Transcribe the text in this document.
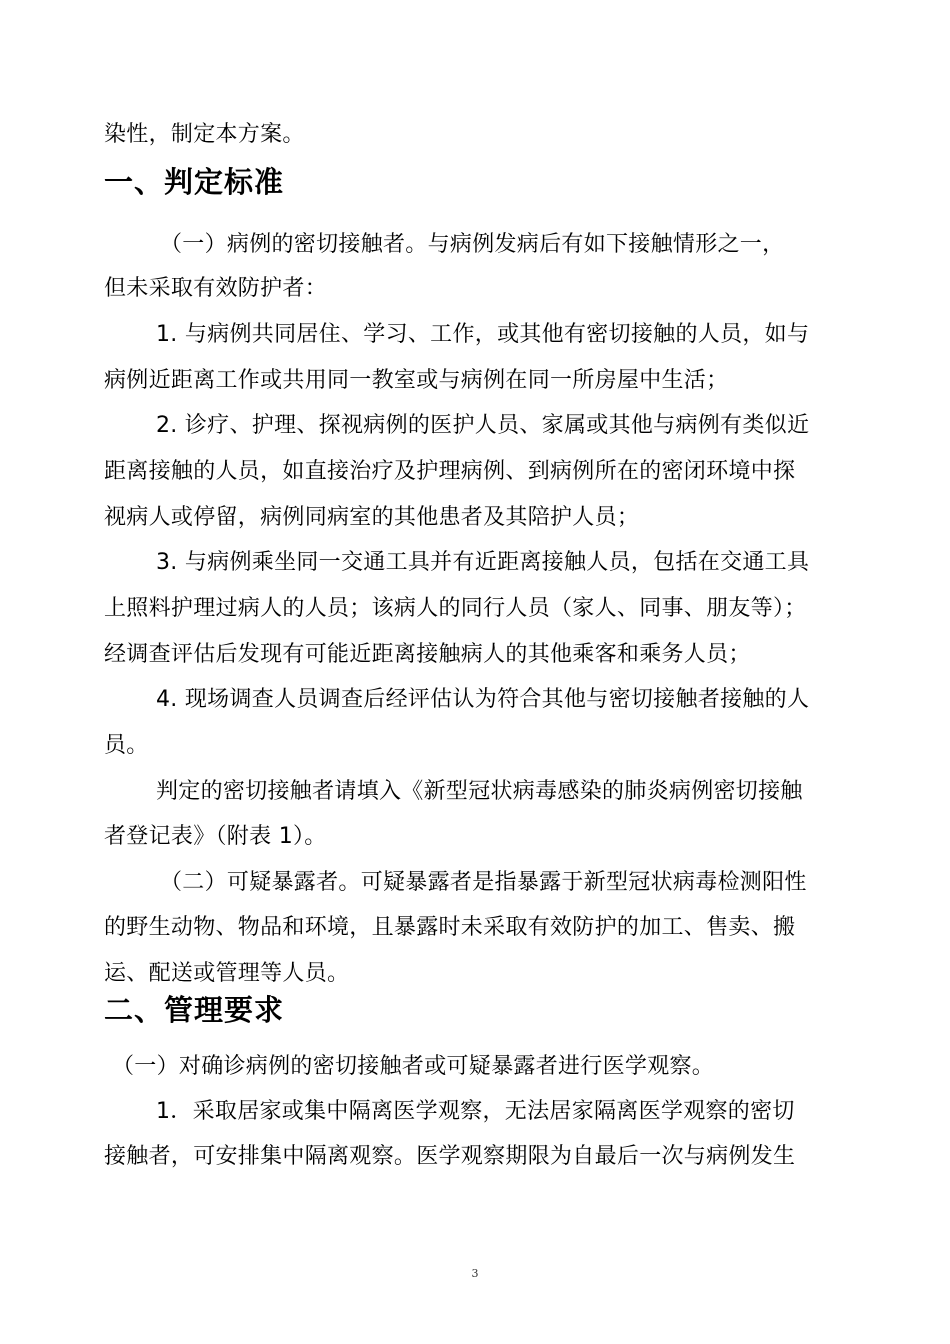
染性，制定本方案。
一、判定标准
（一）病例的密切接触者。与病例发病后有如下接触情形之一，
但未采取有效防护者：
1. 与病例共同居住、学习、工作，或其他有密切接触的人员，如与
病例近距离工作或共用同一教室或与病例在同一所房屋中生活；
2. 诊疗、护理、探视病例的医护人员、家属或其他与病例有类似近
距离接触的人员，如直接治疗及护理病例、到病例所在的密闭环境中探
视病人或停留，病例同病室的其他患者及其陪护人员；
3. 与病例乘坐同一交通工具并有近距离接触人员，包括在交通工具
上照料护理过病人的人员；该病人的同行人员（家人、同事、朋友等）；
经调查评估后发现有可能近距离接触病人的其他乘客和乘务人员；
4. 现场调查人员调查后经评估认为符合其他与密切接触者接触的人
员。
判定的密切接触者请填入《新型冠状病毒感染的肺炎病例密切接触
者登记表》（附表 1）。
（二）可疑暴露者。可疑暴露者是指暴露于新型冠状病毒检测阳性
的野生动物、物品和环境，且暴露时未采取有效防护的加工、售卖、搬
运、配送或管理等人员。
二、管理要求
（一）对确诊病例的密切接触者或可疑暴露者进行医学观察。
1．采取居家或集中隔离医学观察，无法居家隔离医学观察的密切
接触者，可安排集中隔离观察。医学观察期限为自最后一次与病例发生
3
